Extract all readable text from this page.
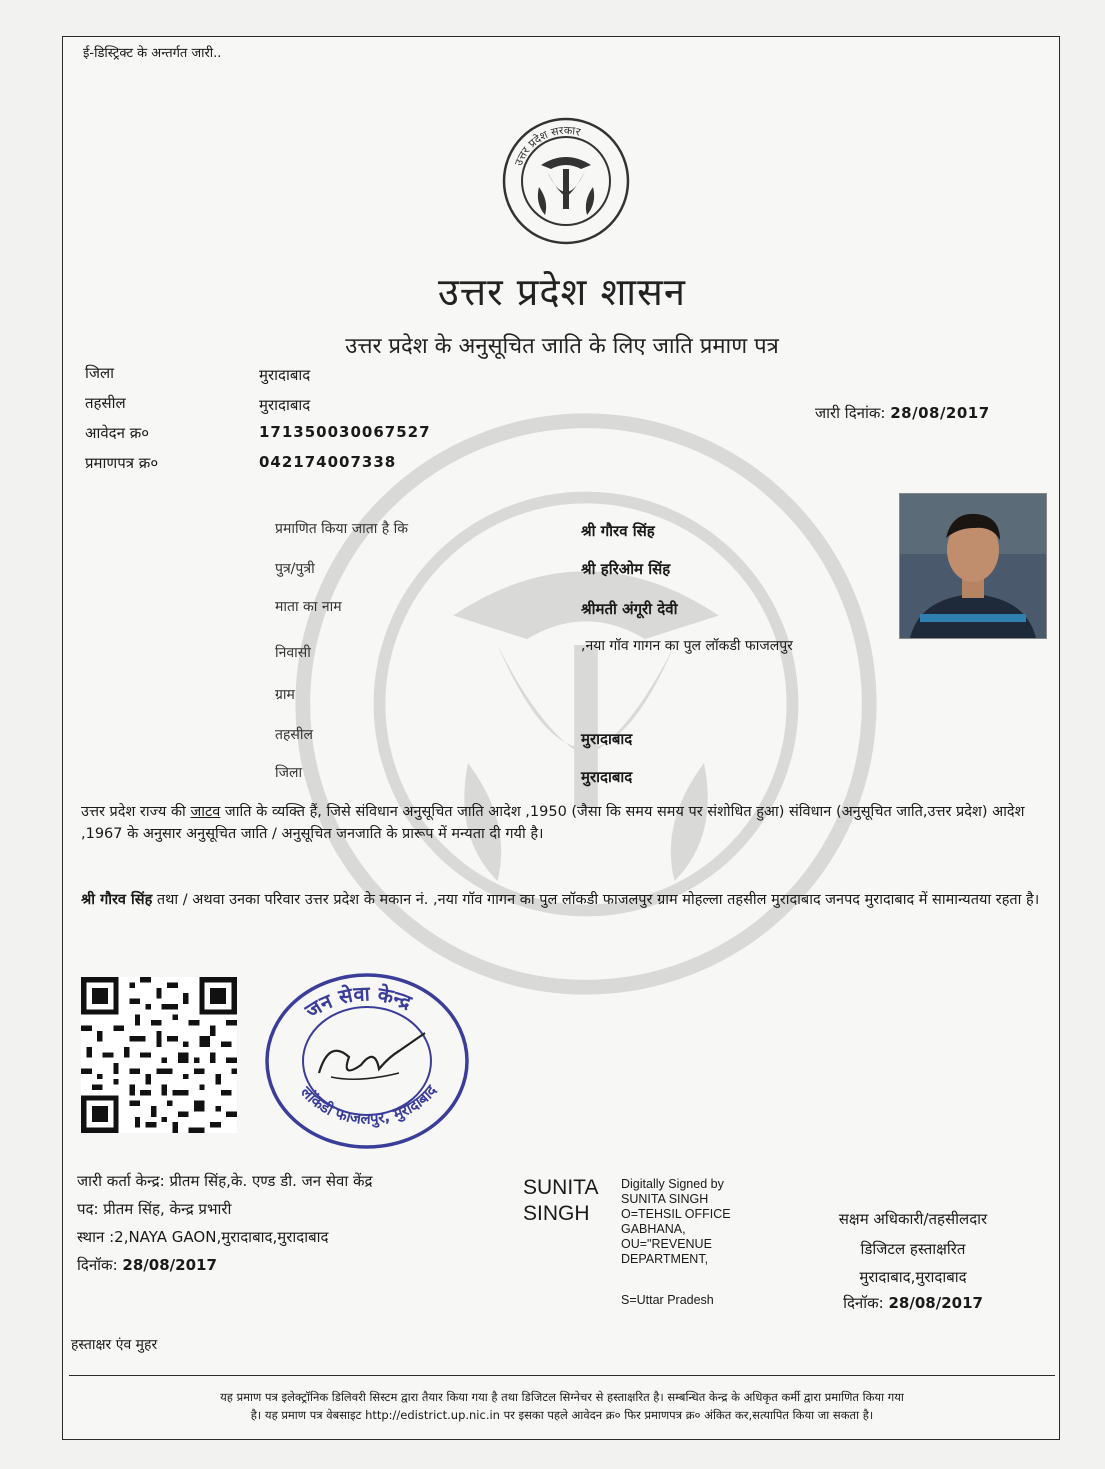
ई-डिस्ट्रिक्ट के अन्तर्गत जारी..
उत्तर प्रदेश सरकार
उत्तर प्रदेश शासन
उत्तर प्रदेश के अनुसूचित जाति के लिए जाति प्रमाण पत्र
जिला	मुरादाबाद
तहसील	मुरादाबाद
आवेदन क्र०	171350030067527
प्रमाणपत्र क्र०	042174007338
जारी दिनांक: 28/08/2017
प्रमाणित किया जाता है कि	श्री गौरव सिंह
पुत्र/पुत्री	श्री हरिओम सिंह
माता का नाम	श्रीमती अंगूरी देवी
निवासी	,नया गॉव गागन का पुल लॉकडी फाजलपुर
ग्राम
तहसील	मुरादाबाद
जिला	मुरादाबाद
उत्तर प्रदेश राज्य की जाटव जाति के व्यक्ति हैं, जिसे संविधान अनुसूचित जाति आदेश ,1950 (जैसा कि समय समय पर संशोधित हुआ) संविधान (अनुसूचित जाति,उत्तर प्रदेश) आदेश ,1967 के अनुसार अनुसूचित जाति / अनुसूचित जनजाति के प्रारूप में मन्यता दी गयी है।
श्री गौरव सिंह तथा / अथवा उनका परिवार उत्तर प्रदेश के मकान नं. ,नया गॉव गागन का पुल लॉकडी फाजलपुर ग्राम मोहल्ला तहसील मुरादाबाद जनपद मुरादाबाद में सामान्यतया रहता है।
जन सेवा केन्द्र
लॉकडी फाजलपुर, मुरादाबाद
जारी कर्ता केन्द्र: प्रीतम सिंह,के. एण्ड डी. जन सेवा केंद्र
पद: प्रीतम सिंह, केन्द्र प्रभारी
स्थान :2,NAYA GAON,मुरादाबाद,मुरादाबाद
दिनॉक: 28/08/2017
SUNITA
SINGH
Digitally Signed by
SUNITA SINGH
O=TEHSIL OFFICE
GABHANA,
OU="REVENUE
DEPARTMENT,
S=Uttar Pradesh
सक्षम अधिकारी/तहसीलदार
डिजिटल हस्ताक्षरित
मुरादाबाद,मुरादाबाद
दिनॉक: 28/08/2017
हस्ताक्षर एंव मुहर
यह प्रमाण पत्र इलेक्ट्रॉनिक डिलिवरी सिस्टम द्वारा तैयार किया गया है तथा डिजिटल सिग्नेचर से हस्ताक्षरित है। सम्बन्धित केन्द्र के अधिकृत कर्मी द्वारा प्रमाणित किया गया
है। यह प्रमाण पत्र वेबसाइट http://edistrict.up.nic.in पर इसका पहले आवेदन क्र० फिर प्रमाणपत्र क्र० अंकित कर,सत्यापित किया जा सकता है।
